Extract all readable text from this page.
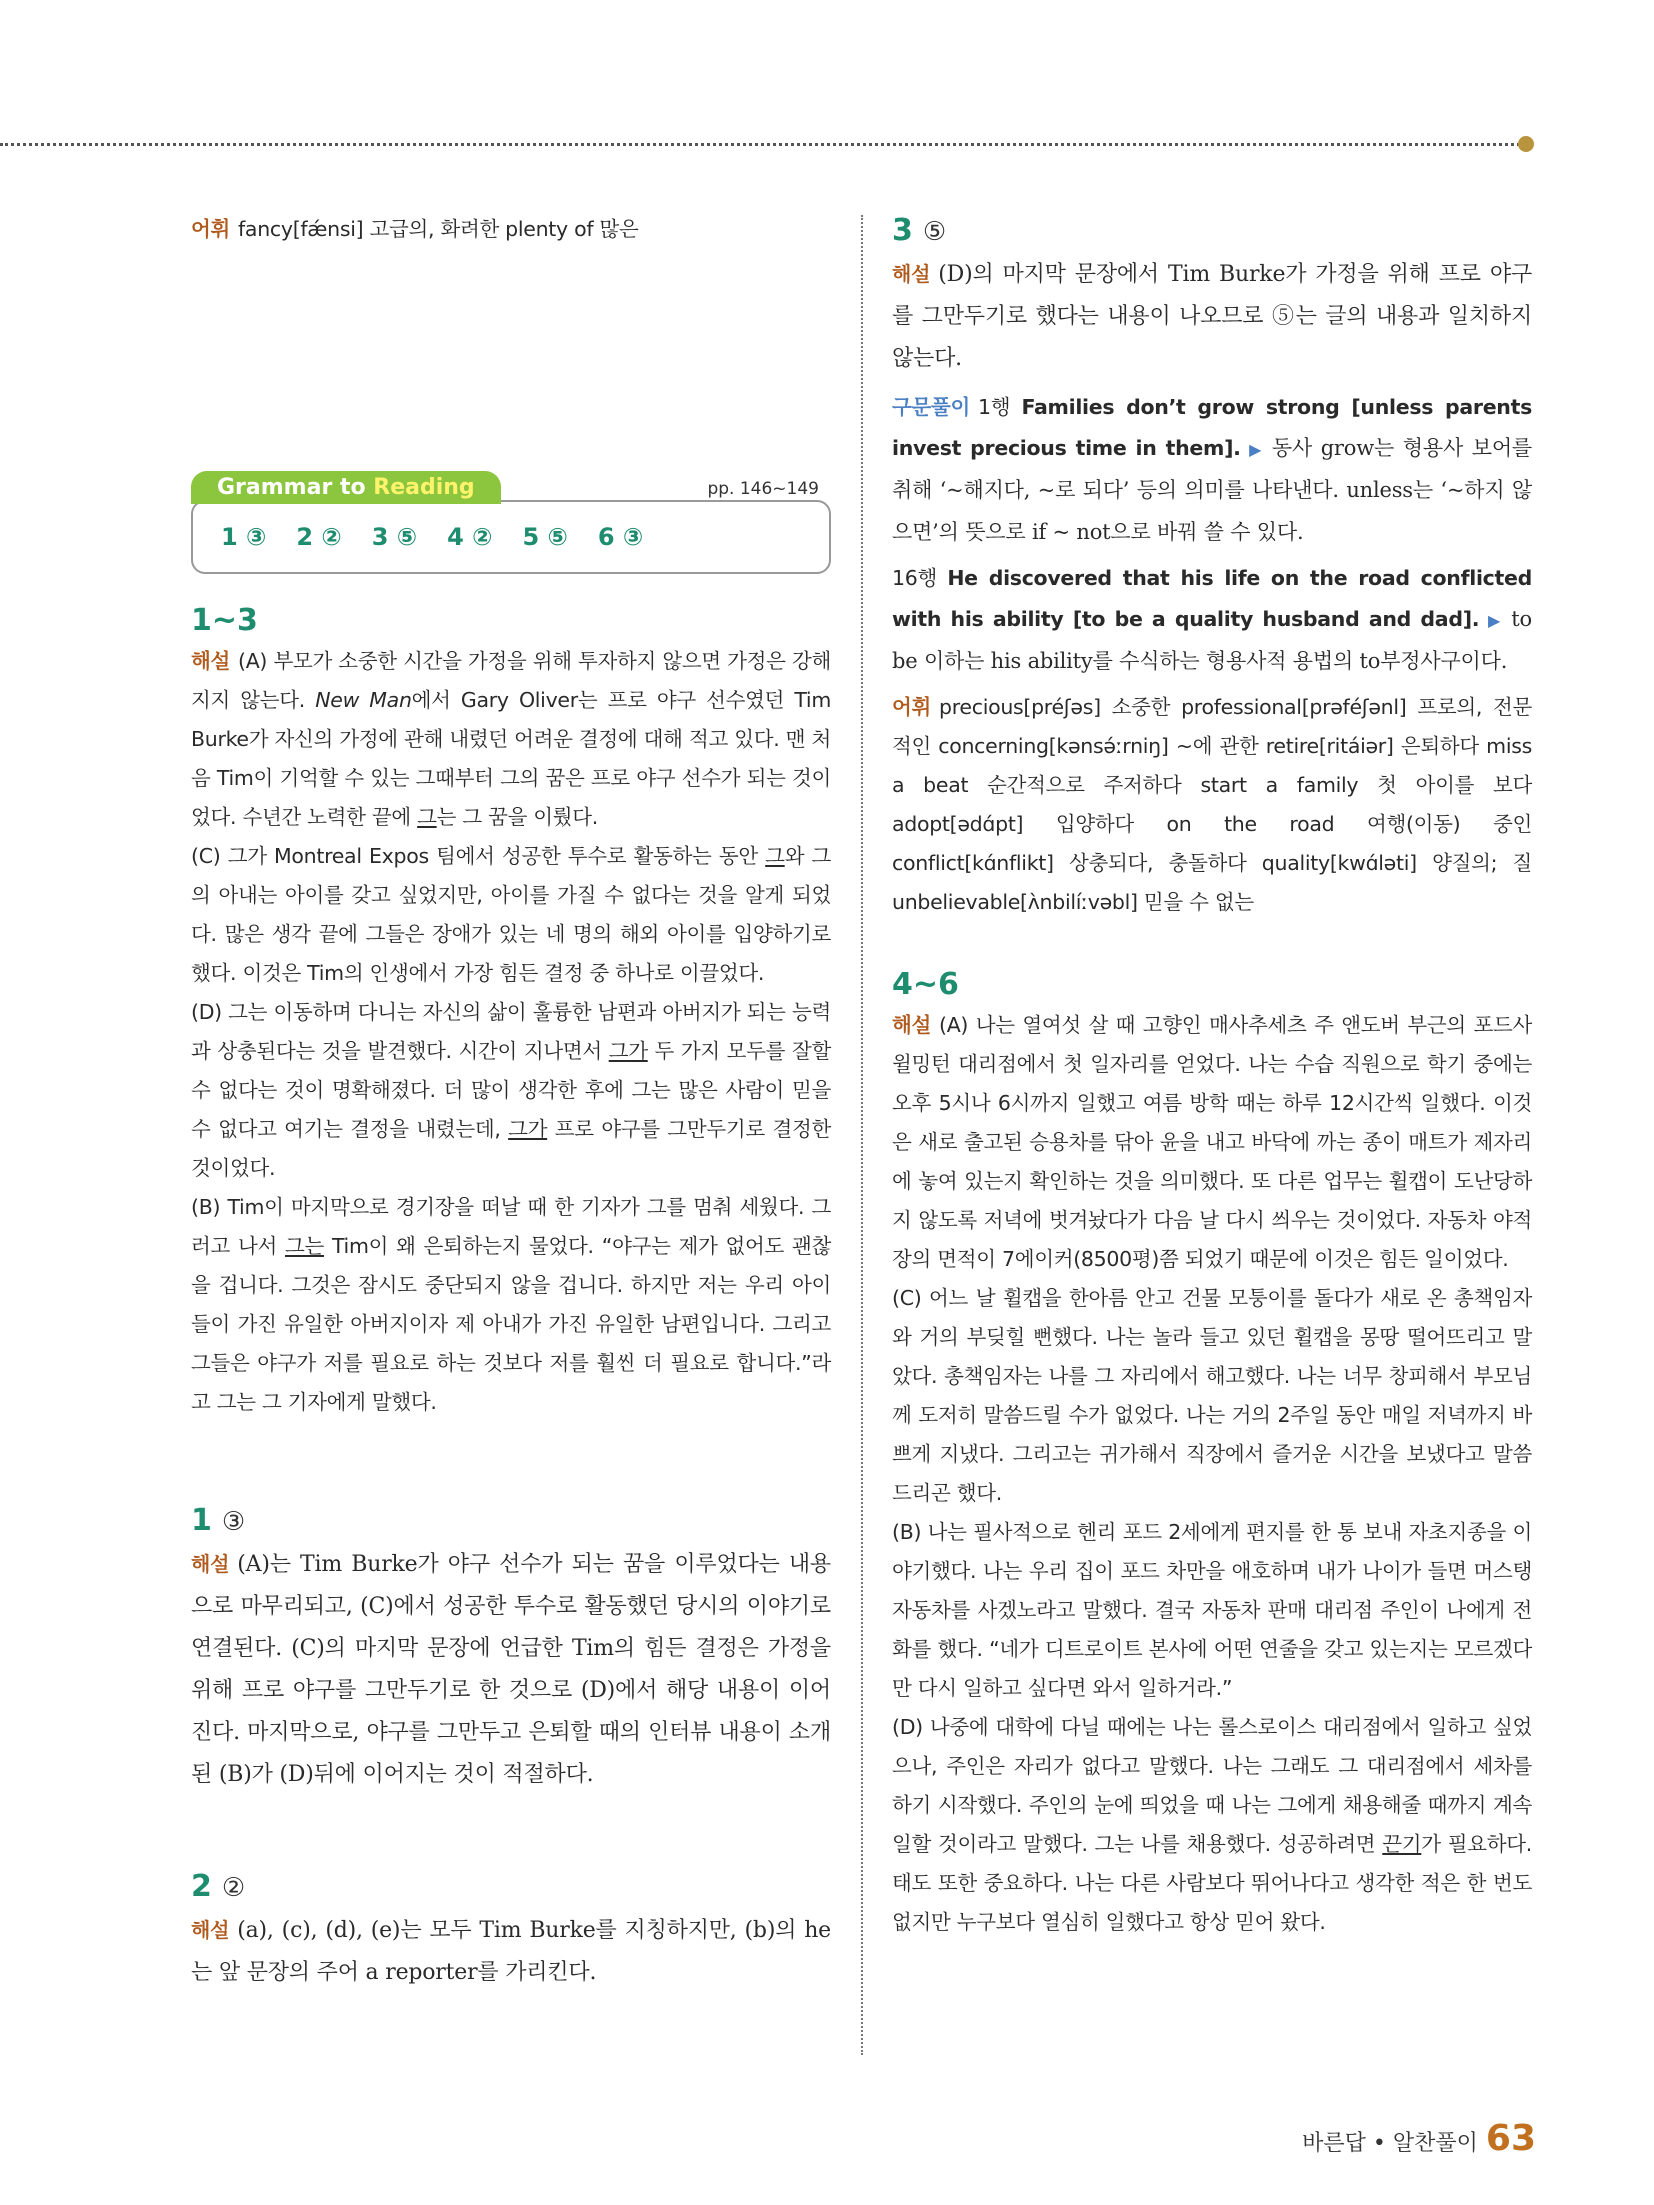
어휘 fancy[fǽnsi] 고급의, 화려한 plenty of 많은

Grammar to Reading	pp. 146~149
1 ③ 2 ② 3 ⑤ 4 ② 5 ⑤ 6 ③

1~3

해설 (A) 부모가 소중한 시간을 가정을 위해 투자하지 않으면 가정은 강해지지 않는다. New Man에서 Gary Oliver는 프로 야구 선수였던 Tim Burke가 자신의 가정에 관해 내렸던 어려운 결정에 대해 적고 있다. 맨 처음 Tim이 기억할 수 있는 그때부터 그의 꿈은 프로 야구 선수가 되는 것이었다. 수년간 노력한 끝에 그는 그 꿈을 이뤘다.

(C) 그가 Montreal Expos 팀에서 성공한 투수로 활동하는 동안 그와 그의 아내는 아이를 갖고 싶었지만, 아이를 가질 수 없다는 것을 알게 되었다. 많은 생각 끝에 그들은 장애가 있는 네 명의 해외 아이를 입양하기로 했다. 이것은 Tim의 인생에서 가장 힘든 결정 중 하나로 이끌었다.

(D) 그는 이동하며 다니는 자신의 삶이 훌륭한 남편과 아버지가 되는 능력과 상충된다는 것을 발견했다. 시간이 지나면서 그가 두 가지 모두를 잘할 수 없다는 것이 명확해졌다. 더 많이 생각한 후에 그는 많은 사람이 믿을 수 없다고 여기는 결정을 내렸는데, 그가 프로 야구를 그만두기로 결정한 것이었다.

(B) Tim이 마지막으로 경기장을 떠날 때 한 기자가 그를 멈춰 세웠다. 그러고 나서 그는 Tim이 왜 은퇴하는지 물었다. “야구는 제가 없어도 괜찮을 겁니다. 그것은 잠시도 중단되지 않을 겁니다. 하지만 저는 우리 아이들이 가진 유일한 아버지이자 제 아내가 가진 유일한 남편입니다. 그리고 그들은 야구가 저를 필요로 하는 것보다 저를 훨씬 더 필요로 합니다.”라고 그는 그 기자에게 말했다.

1 ③

해설 (A)는 Tim Burke가 야구 선수가 되는 꿈을 이루었다는 내용으로 마무리되고, (C)에서 성공한 투수로 활동했던 당시의 이야기로 연결된다. (C)의 마지막 문장에 언급한 Tim의 힘든 결정은 가정을 위해 프로 야구를 그만두기로 한 것으로 (D)에서 해당 내용이 이어진다. 마지막으로, 야구를 그만두고 은퇴할 때의 인터뷰 내용이 소개된 (B)가 (D)뒤에 이어지는 것이 적절하다.

2 ②

해설 (a), (c), (d), (e)는 모두 Tim Burke를 지칭하지만, (b)의 he는 앞 문장의 주어 a reporter를 가리킨다.

3 ⑤

해설 (D)의 마지막 문장에서 Tim Burke가 가정을 위해 프로 야구를 그만두기로 했다는 내용이 나오므로 ⑤는 글의 내용과 일치하지 않는다.

구문풀이 1행 Families don’t grow strong [unless parents invest precious time in them]. ▶ 동사 grow는 형용사 보어를 취해 ‘~해지다, ~로 되다’ 등의 의미를 나타낸다. unless는 ‘~하지 않으면’의 뜻으로 if ~ not으로 바꿔 쓸 수 있다.

16행 He discovered that his life on the road conflicted with his ability [to be a quality husband and dad]. ▶ to be 이하는 his ability를 수식하는 형용사적 용법의 to부정사구이다.

어휘 precious[préʃəs] 소중한 professional[prəféʃənl] 프로의, 전문적인 concerning[kənsə́ːrniŋ] ~에 관한 retire[ritáiər] 은퇴하다 miss a beat 순간적으로 주저하다 start a family 첫 아이를 보다 adopt[ədɑ́pt] 입양하다 on the road 여행(이동) 중인 conflict[kɑ́nflikt] 상충되다, 충돌하다 quality[kwɑ́ləti] 양질의; 질 unbelievable[ʌ̀nbilíːvəbl] 믿을 수 없는

4~6

해설 (A) 나는 열여섯 살 때 고향인 매사추세츠 주 앤도버 부근의 포드사 윌밍턴 대리점에서 첫 일자리를 얻었다. 나는 수습 직원으로 학기 중에는 오후 5시나 6시까지 일했고 여름 방학 때는 하루 12시간씩 일했다. 이것은 새로 출고된 승용차를 닦아 윤을 내고 바닥에 까는 종이 매트가 제자리에 놓여 있는지 확인하는 것을 의미했다. 또 다른 업무는 휠캡이 도난당하지 않도록 저녁에 벗겨놨다가 다음 날 다시 씌우는 것이었다. 자동차 야적장의 면적이 7에이커(8500평)쯤 되었기 때문에 이것은 힘든 일이었다.

(C) 어느 날 휠캡을 한아름 안고 건물 모퉁이를 돌다가 새로 온 총책임자와 거의 부딪힐 뻔했다. 나는 놀라 들고 있던 휠캡을 몽땅 떨어뜨리고 말았다. 총책임자는 나를 그 자리에서 해고했다. 나는 너무 창피해서 부모님께 도저히 말씀드릴 수가 없었다. 나는 거의 2주일 동안 매일 저녁까지 바쁘게 지냈다. 그리고는 귀가해서 직장에서 즐거운 시간을 보냈다고 말씀드리곤 했다.

(B) 나는 필사적으로 헨리 포드 2세에게 편지를 한 통 보내 자초지종을 이야기했다. 나는 우리 집이 포드 차만을 애호하며 내가 나이가 들면 머스탱 자동차를 사겠노라고 말했다. 결국 자동차 판매 대리점 주인이 나에게 전화를 했다. “네가 디트로이트 본사에 어떤 연줄을 갖고 있는지는 모르겠다만 다시 일하고 싶다면 와서 일하거라.”

(D) 나중에 대학에 다닐 때에는 나는 롤스로이스 대리점에서 일하고 싶었으나, 주인은 자리가 없다고 말했다. 나는 그래도 그 대리점에서 세차를 하기 시작했다. 주인의 눈에 띄었을 때 나는 그에게 채용해줄 때까지 계속 일할 것이라고 말했다. 그는 나를 채용했다. 성공하려면 끈기가 필요하다. 태도 또한 중요하다. 나는 다른 사람보다 뛰어나다고 생각한 적은 한 번도 없지만 누구보다 열심히 일했다고 항상 믿어 왔다.

바른답 • 알찬풀이 63
